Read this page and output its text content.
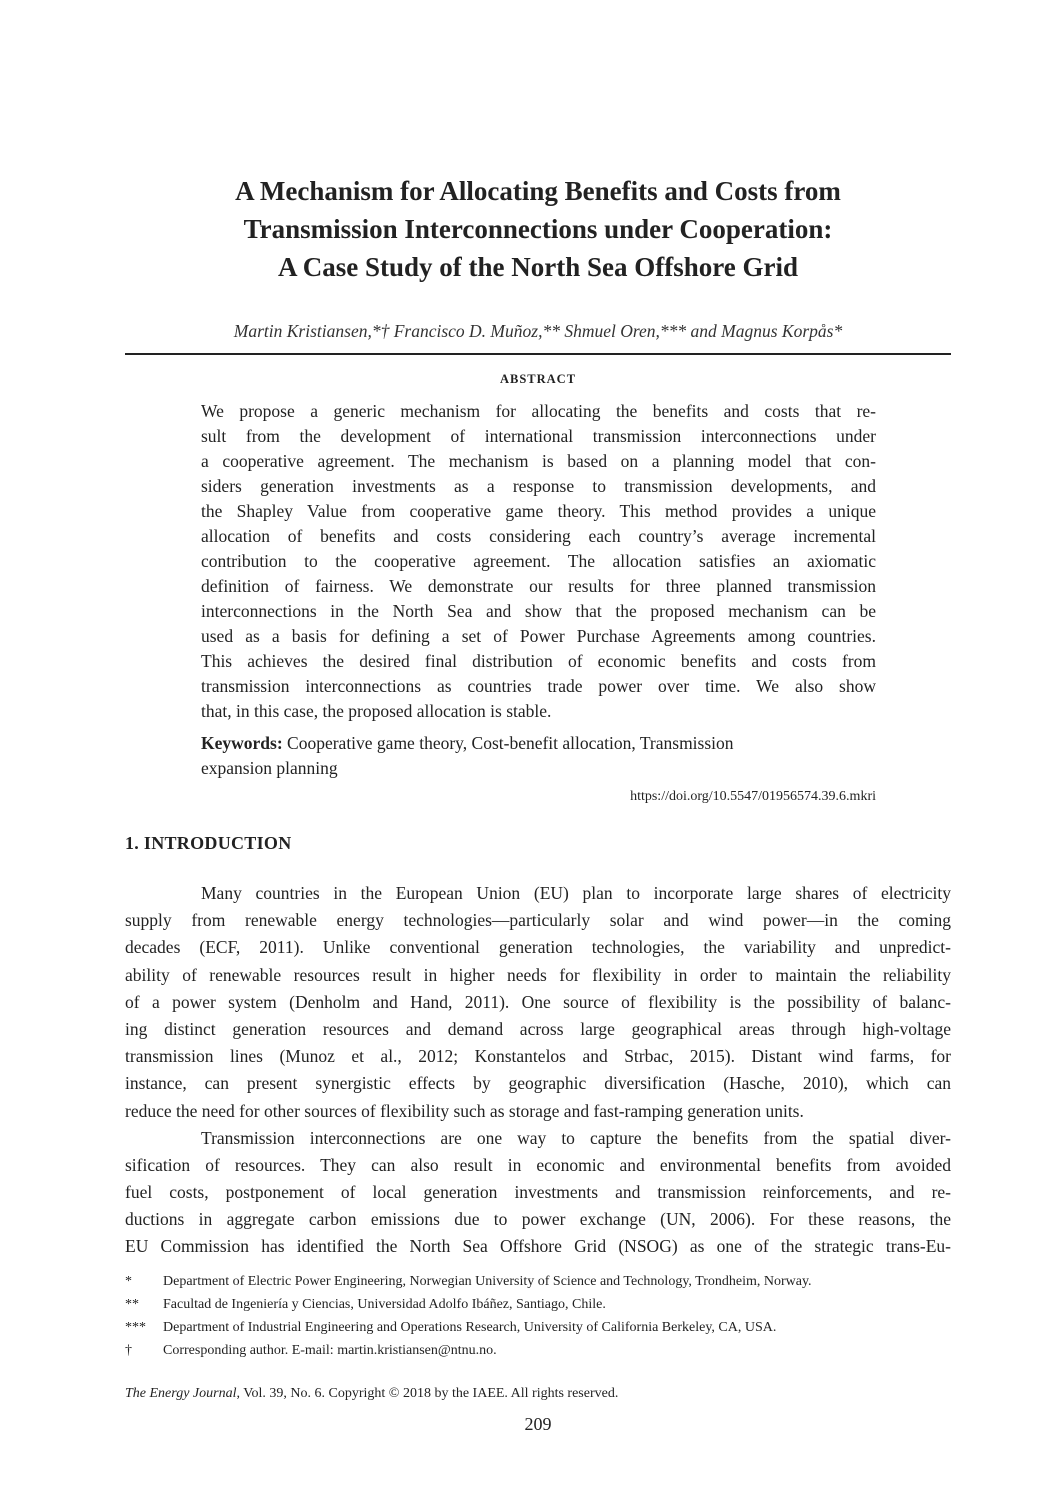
A Mechanism for Allocating Benefits and Costs from
Transmission Interconnections under Cooperation:
A Case Study of the North Sea Offshore Grid
Martin Kristiansen,*† Francisco D. Muñoz,** Shmuel Oren,*** and Magnus Korpås*
ABSTRACT
We propose a generic mechanism for allocating the benefits and costs that re-
sult from the development of international transmission interconnections under
a cooperative agreement. The mechanism is based on a planning model that con-
siders generation investments as a response to transmission developments, and
the Shapley Value from cooperative game theory. This method provides a unique
allocation of benefits and costs considering each country’s average incremental
contribution to the cooperative agreement. The allocation satisfies an axiomatic
definition of fairness. We demonstrate our results for three planned transmission
interconnections in the North Sea and show that the proposed mechanism can be
used as a basis for defining a set of Power Purchase Agreements among countries.
This achieves the desired final distribution of economic benefits and costs from
transmission interconnections as countries trade power over time. We also show
that, in this case, the proposed allocation is stable.
Keywords: Cooperative game theory, Cost-benefit allocation, Transmission
expansion planning
https://doi.org/10.5547/01956574.39.6.mkri
1. INTRODUCTION
Many countries in the European Union (EU) plan to incorporate large shares of electricity
supply from renewable energy technologies—particularly solar and wind power—in the coming
decades (ECF, 2011). Unlike conventional generation technologies, the variability and unpredict-
ability of renewable resources result in higher needs for flexibility in order to maintain the reliability
of a power system (Denholm and Hand, 2011). One source of flexibility is the possibility of balanc-
ing distinct generation resources and demand across large geographical areas through high-voltage
transmission lines (Munoz et al., 2012; Konstantelos and Strbac, 2015). Distant wind farms, for
instance, can present synergistic effects by geographic diversification (Hasche, 2010), which can
reduce the need for other sources of flexibility such as storage and fast-ramping generation units.
Transmission interconnections are one way to capture the benefits from the spatial diver-
sification of resources. They can also result in economic and environmental benefits from avoided
fuel costs, postponement of local generation investments and transmission reinforcements, and re-
ductions in aggregate carbon emissions due to power exchange (UN, 2006). For these reasons, the
EU Commission has identified the North Sea Offshore Grid (NSOG) as one of the strategic trans-Eu-
*	Department of Electric Power Engineering, Norwegian University of Science and Technology, Trondheim, Norway.
**	Facultad de Ingeniería y Ciencias, Universidad Adolfo Ibáñez, Santiago, Chile.
***	Department of Industrial Engineering and Operations Research, University of California Berkeley, CA, USA.
†	Corresponding author. E-mail: martin.kristiansen@ntnu.no.
The Energy Journal, Vol. 39, No. 6. Copyright © 2018 by the IAEE. All rights reserved.
209
